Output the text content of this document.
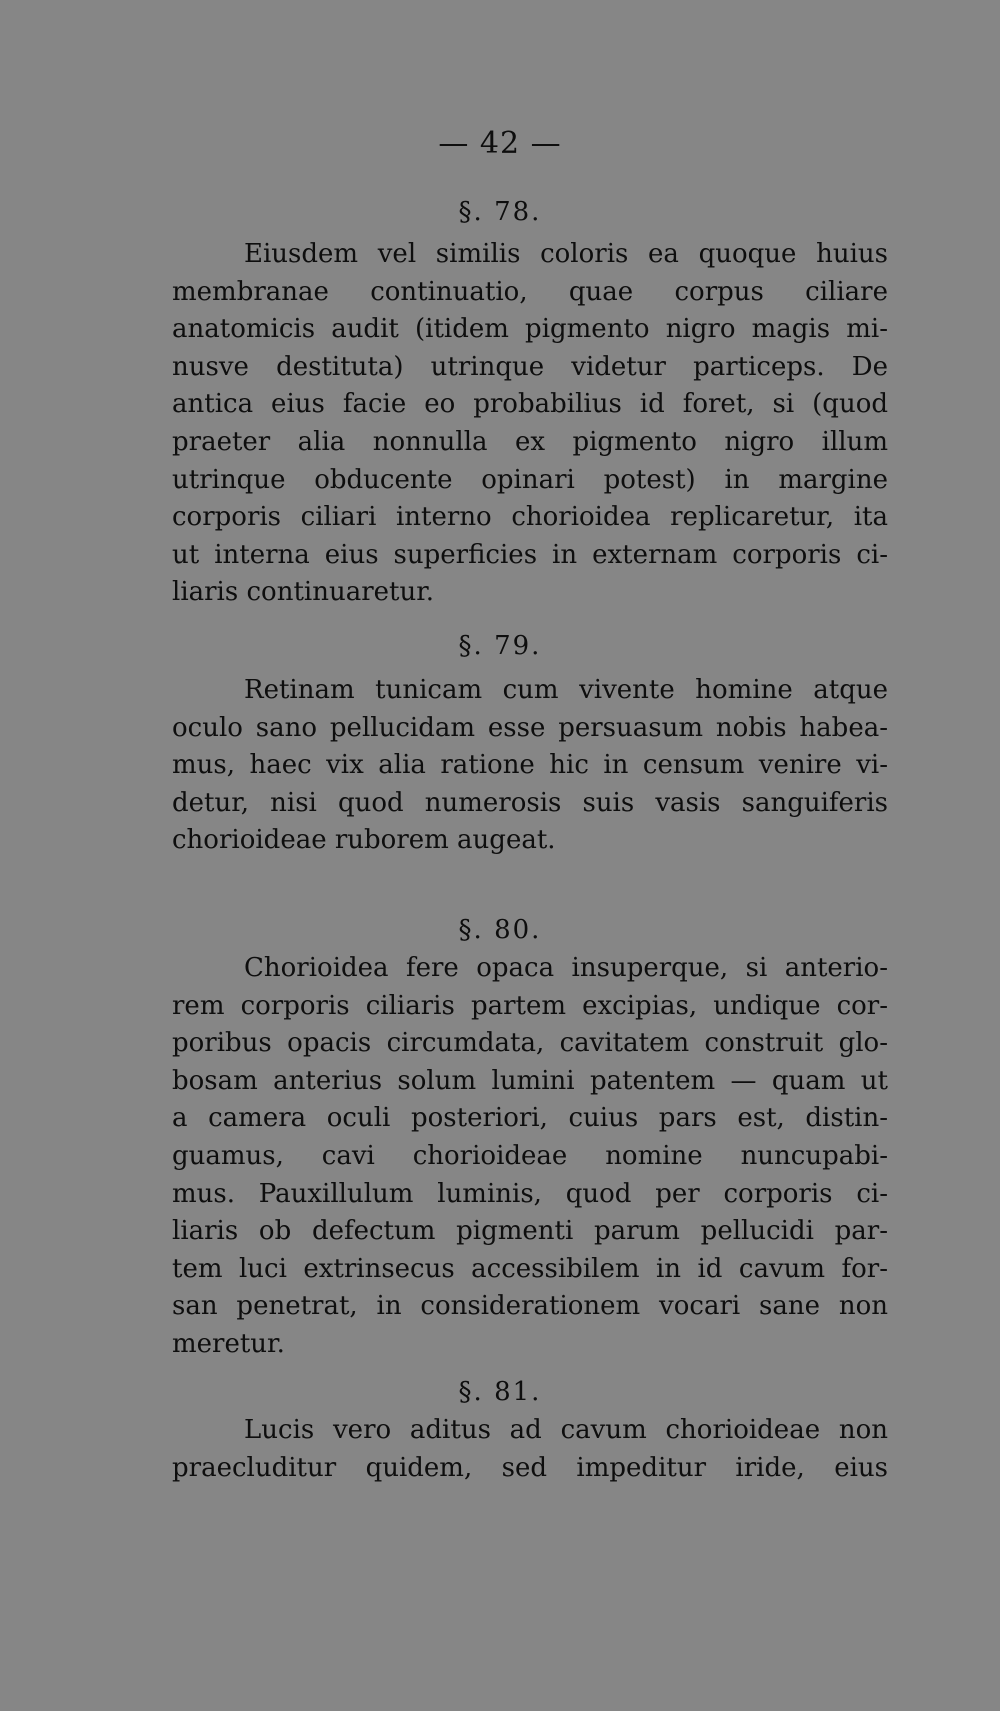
— 42 —
§. 78.
Eiusdem vel similis coloris ea quoque huius
membranae continuatio, quae corpus ciliare
anatomicis audit (itidem pigmento nigro magis mi-
nusve destituta) utrinque videtur particeps. De
antica eius facie eo probabilius id foret, si (quod
praeter alia nonnulla ex pigmento nigro illum
utrinque obducente opinari potest) in margine
corporis ciliari interno chorioidea replicaretur, ita
ut interna eius superficies in externam corporis ci-
liaris continuaretur.
§. 79.
Retinam tunicam cum vivente homine atque
oculo sano pellucidam esse persuasum nobis habea-
mus, haec vix alia ratione hic in censum venire vi-
detur, nisi quod numerosis suis vasis sanguiferis
chorioideae ruborem augeat.
§. 80.
Chorioidea fere opaca insuperque, si anterio-
rem corporis ciliaris partem excipias, undique cor-
poribus opacis circumdata, cavitatem construit glo-
bosam anterius solum lumini patentem — quam ut
a camera oculi posteriori, cuius pars est, distin-
guamus, cavi chorioideae nomine nuncupabi-
mus. Pauxillulum luminis, quod per corporis ci-
liaris ob defectum pigmenti parum pellucidi par-
tem luci extrinsecus accessibilem in id cavum for-
san penetrat, in considerationem vocari sane non
meretur.
§. 81.
Lucis vero aditus ad cavum chorioideae non
praecluditur quidem, sed impeditur iride, eius
